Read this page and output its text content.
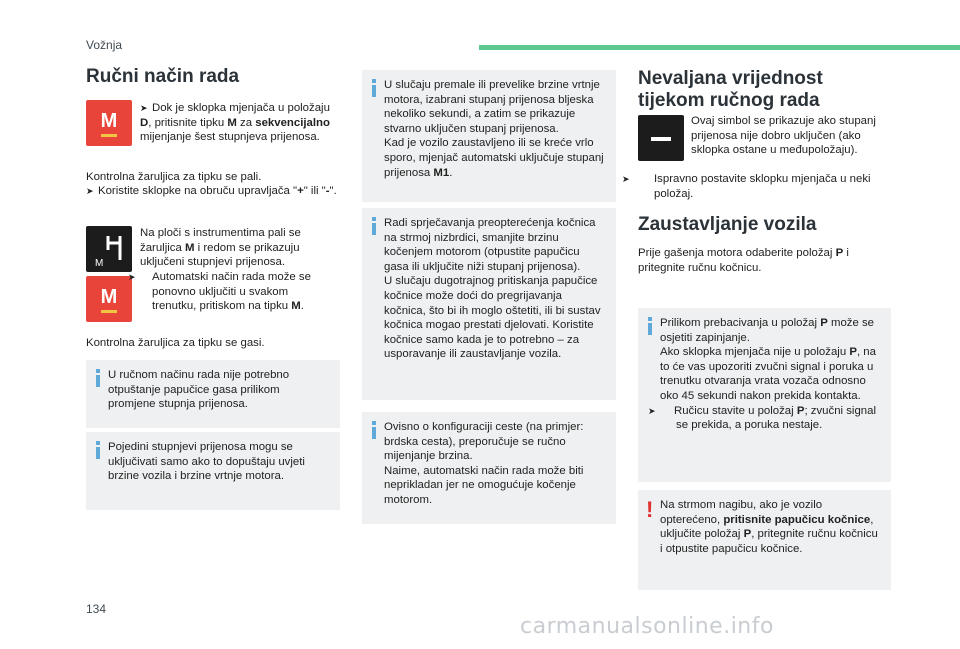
Vožnja
Ručni način rada
M
➤ Dok je sklopka mjenjača u položaju D, pritisnite tipku M za sekvencijalno mijenjanje šest stupnjeva prijenosa.
Kontrolna žaruljica za tipku se pali.
➤ Koristite sklopke na obruču upravljača "+" ili "-".
M
M
Na ploči s instrumentima pali se žaruljica M i redom se prikazuju uključeni stupnjevi prijenosa.
➤ Automatski način rada može se ponovno uključiti u svakom trenutku, pritiskom na tipku M.
Kontrolna žaruljica za tipku se gasi.

U ručnom načinu rada nije potrebno otpuštanje papučice gasa prilikom promjene stupnja prijenosa.

Pojedini stupnjevi prijenosa mogu se uključivati samo ako to dopuštaju uvjeti brzine vozila i brzine vrtnje motora.

U slučaju premale ili prevelike brzine vrtnje motora, izabrani stupanj prijenosa bljeska nekoliko sekundi, a zatim se prikazuje stvarno uključen stupanj prijenosa.

Kad je vozilo zaustavljeno ili se kreće vrlo sporo, mjenjač automatski uključuje stupanj prijenosa M1.

Radi sprječavanja preopterećenja kočnica na strmoj nizbrdici, smanjite brzinu kočenjem motorom (otpustite papučicu gasa ili uključite niži stupanj prijenosa).

U slučaju dugotrajnog pritiskanja papučice kočnice može doći do pregrijavanja kočnica, što bi ih moglo oštetiti, ili bi sustav kočnica mogao prestati djelovati. Koristite kočnice samo kada je to potrebno – za usporavanje ili zaustavljanje vozila.

Ovisno o konfiguraciji ceste (na primjer: brdska cesta), preporučuje se ručno mijenjanje brzina.

Naime, automatski način rada može biti neprikladan jer ne omogućuje kočenje motorom.

Nevaljana vrijednost
tijekom ručnog rada
Ovaj simbol se prikazuje ako stupanj prijenosa nije dobro uključen (ako sklopka ostane u međupoložaju).
➤ Ispravno postavite sklopku mjenjača u neki položaj.
Zaustavljanje vozila
Prije gašenja motora odaberite položaj P i pritegnite ručnu kočnicu.

Prilikom prebacivanja u položaj P može se osjetiti zapinjanje.

Ako sklopka mjenjača nije u položaju P, na to će vas upozoriti zvučni signal i poruka u trenutku otvaranja vrata vozača odnosno oko 45 sekundi nakon prekida kontakta.

➤ Ručicu stavite u položaj P; zvučni signal se prekida, a poruka nestaje.

! Na strmom nagibu, ako je vozilo opterećeno, pritisnite papučicu kočnice, uključite položaj P, pritegnite ručnu kočnicu i otpustite papučicu kočnice.

134
carmanualsonline.info
